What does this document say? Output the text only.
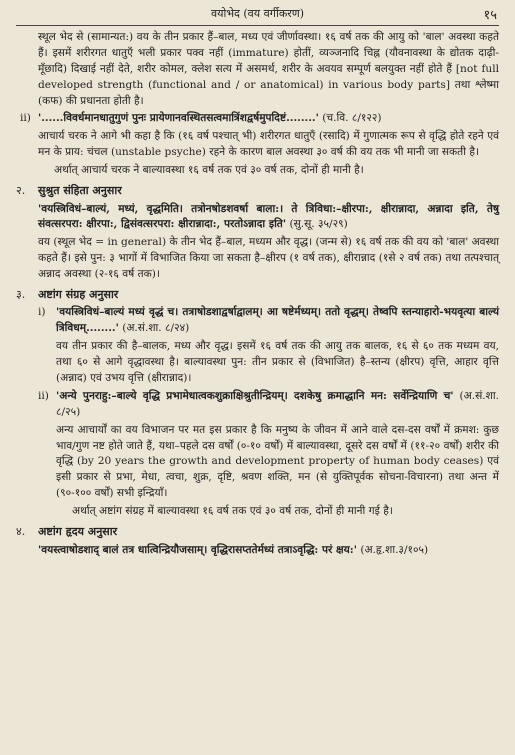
वयोभेद (वय वर्गीकरण)	१५

स्थूल भेद से (सामान्यत:) वय के तीन प्रकार हैं–बाल, मध्य एवं जीर्णावस्था। १६ वर्ष तक की आयु को 'बाल' अवस्था कहते हैं। इसमें शरीरगत धातुएँ भली प्रकार पक्व नहीं (immature) होतीं, व्यञ्जनादि चिह्न (यौवनावस्था के द्योतक दाढ़ी-मूँछादि) दिखाई नहीं देते, शरीर कोमल, क्लेश सत्य में असमर्थ, शरीर के अवयव सम्पूर्ण बलयुक्त नहीं होते हैं [not full developed strength (functional and / or anatomical) in various body parts] तथा श्लेष्मा (कफ) की प्रधानता होती है।

ii) '......विवर्धमानधातुगुणं पुनः प्रायेणानवस्थितसत्वमात्रिंशद्वर्षमुपदिष्टं........' (च.वि. ८/१२२)

आचार्य चरक ने आगे भी कहा है कि (१६ वर्ष पश्चात् भी) शरीरगत धातुएँ (रसादि) में गुणात्मक रूप से वृद्धि होते रहने एवं मन के प्राय: चंचल (unstable psyche) रहने के कारण बाल अवस्था ३० वर्ष की वय तक भी मानी जा सकती है।

अर्थात् आचार्य चरक ने बाल्यावस्था १६ वर्ष तक एवं ३० वर्ष तक, दोनों ही मानी है।

२. सुश्रुत संहिता अनुसार

'वयस्त्रिविधं–बाल्यं, मध्यं, वृद्धमिति। तत्रोनषोडशवर्षा बाला:। ते त्रिविधा:–क्षीरपा:, क्षीरान्नादा, अन्नादा इति, तेषु संवत्सरपरा: क्षीरपा:, द्विसंवत्सरपरा: क्षीरान्नादा:, परतोऽन्नादा इति' (सु.सू. ३५/२९)

वय (स्थूल भेद = in general) के तीन भेद हैं–बाल, मध्यम और वृद्ध। (जन्म से) १६ वर्ष तक की वय को 'बाल' अवस्था कहते हैं। इसे पुन: ३ भागों में विभाजित किया जा सकता है–क्षीरप (१ वर्ष तक), क्षीरान्नाद (१से २ वर्ष तक) तथा तत्पश्चात् अन्नाद अवस्था (२-१६ वर्ष तक)।

३. अष्टांग संग्रह अनुसार
i) 'वयस्त्रिविधं–बाल्यं मध्यं वृद्धं च। तत्राषोडशाद्वर्षाद्वालम्। आ षष्टेर्मध्यम्। ततो वृद्धम्। तेष्वपि स्तन्याहारो-भयवृत्या बाल्यं त्रिविधम्........' (अ.सं.शा. ८/२४)

वय तीन प्रकार की है–बालक, मध्य और वृद्ध। इसमें १६ वर्ष तक की आयु तक बालक, १६ से ६० तक मध्यम वय, तथा ६० से आगे वृद्धावस्था है। बाल्यावस्था पुन: तीन प्रकार से (विभाजित) है–स्तन्य (क्षीरप) वृत्ति, आहार वृत्ति (अन्नाद) एवं उभय वृत्ति (क्षीरान्नाद)।

ii) 'अन्ये पुनराहु:–बाल्ये वृद्धि प्रभामेधात्वकशुक्राक्षिश्रुतीन्द्रियम्। दशकेषु क्रमाद्धानि मन: सर्वेन्द्रियाणि च' (अ.सं.शा. ८/२५)

अन्य आचार्यों का वय विभाजन पर मत इस प्रकार है कि मनुष्य के जीवन में आने वाले दस-दस वर्षों में क्रमश: कुछ भाव/गुण नष्ट होते जाते हैं, यथा–पहले दस वर्षों (०-१० वर्षों) में बाल्यावस्था, दूसरे दस वर्षों में (११-२० वर्षों) शरीर की वृद्धि (by 20 years the growth and development property of human body ceases) एवं इसी प्रकार से प्रभा, मेधा, त्वचा, शुक्र, दृष्टि, श्रवण शक्ति, मन (से युक्तिपूर्वक सोचना-विचारना) तथा अन्त में (९०-१०० वर्षों) सभी इन्द्रियाँ।

अर्थात् अष्टांग संग्रह में बाल्यावस्था १६ वर्ष तक एवं ३० वर्ष तक, दोनों ही मानी गई है।

४. अष्टांग हृदय अनुसार

'वयस्त्वाषोडशाद् बालं तत्र धात्विन्द्रियौजसाम्। वृद्धिरासप्ततेर्मध्यं तत्राऽवृद्धि: परं क्षय:' (अ.हृ.शा.३/१०५)
